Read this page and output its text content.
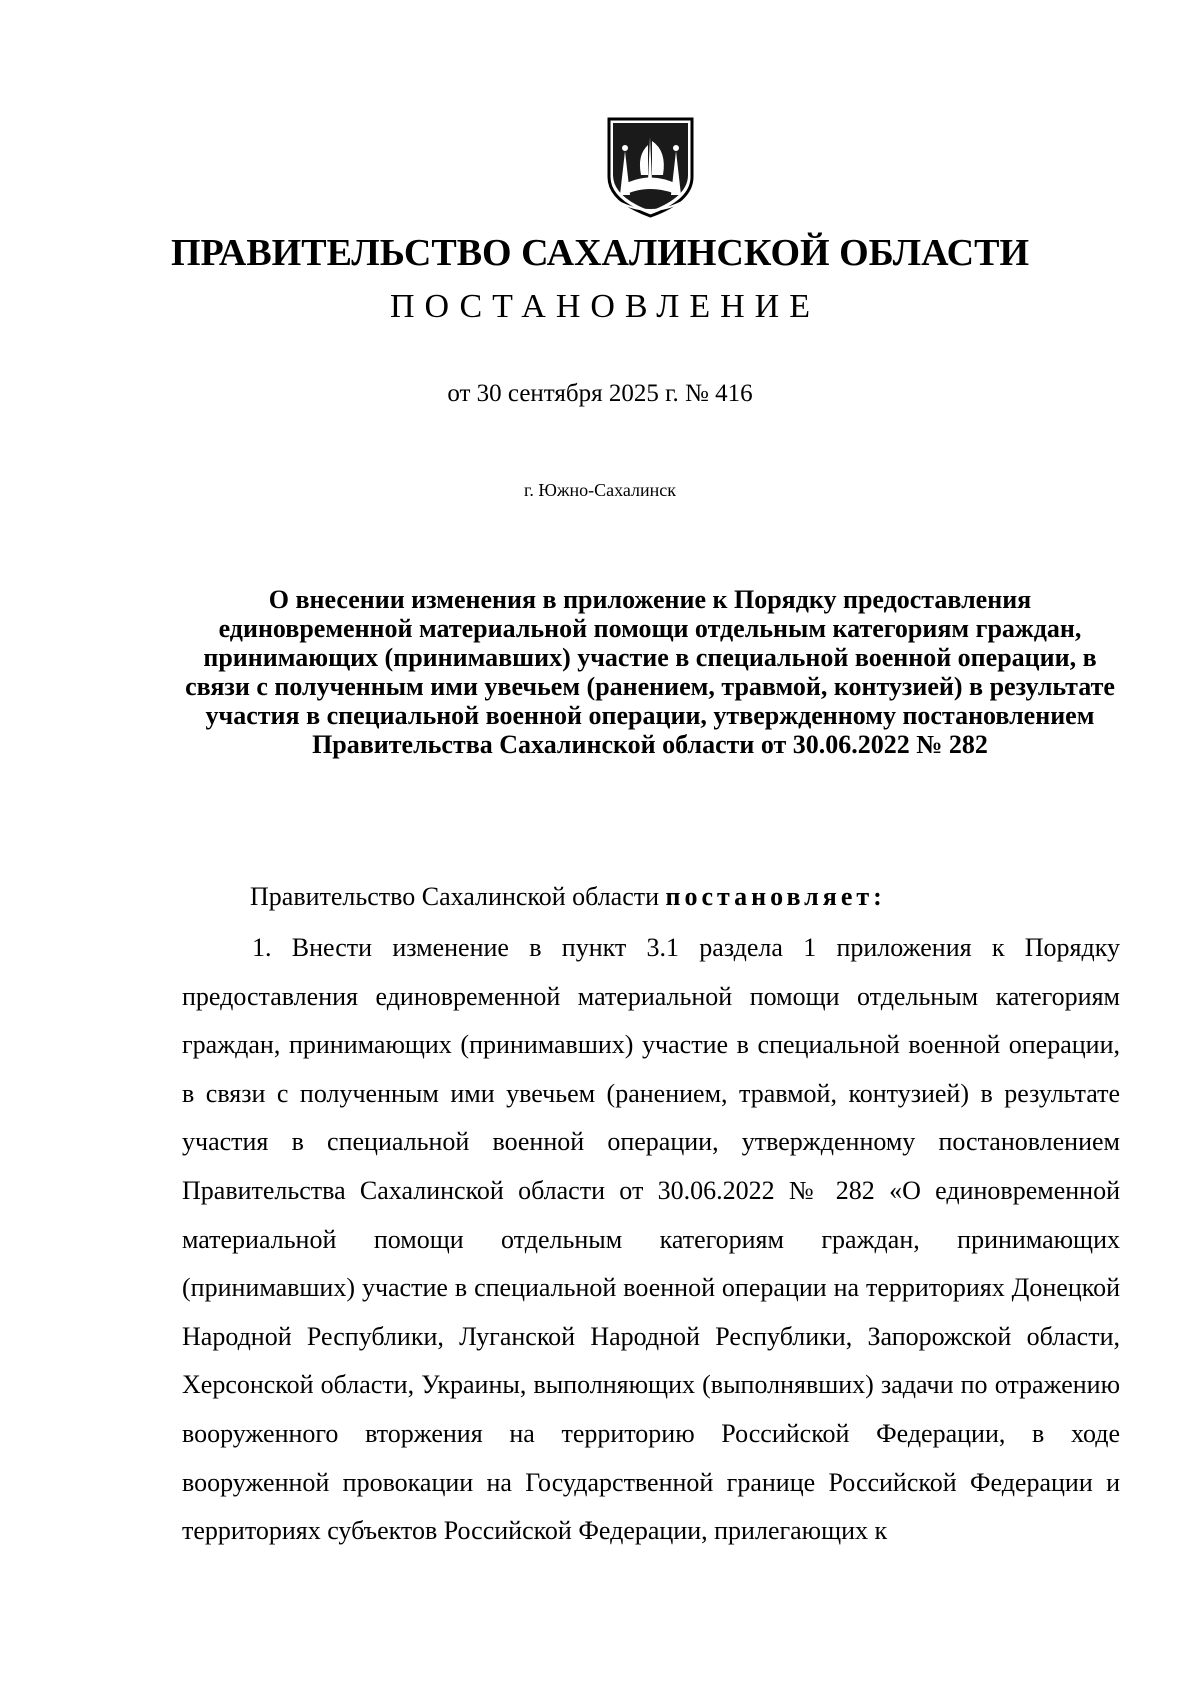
ПРАВИТЕЛЬСТВО САХАЛИНСКОЙ ОБЛАСТИ
ПОСТАНОВЛЕНИЕ
от 30 сентября 2025 г. № 416
г. Южно-Сахалинск

О внесении изменения в приложение к Порядку предоставления единовременной материальной помощи отдельным категориям граждан, принимающих (принимавших) участие в специальной военной операции, в связи с полученным ими увечьем (ранением, травмой, контузией) в результате участия в специальной военной операции, утвержденному постановлением Правительства Сахалинской области от 30.06.2022 № 282

Правительство Сахалинской области постановляет:

1. Внести изменение в пункт 3.1 раздела 1 приложения к Порядку предоставления единовременной материальной помощи отдельным категориям граждан, принимающих (принимавших) участие в специальной военной операции, в связи с полученным ими увечьем (ранением, травмой, контузией) в результате участия в специальной военной операции, утвержденному постановлением Правительства Сахалинской области от 30.06.2022 № 282 «О единовременной материальной помощи отдельным категориям граждан, принимающих (принимавших) участие в специальной военной операции на территориях Донецкой Народной Республики, Луганской Народной Республики, Запорожской области, Херсонской области, Украины, выполняющих (выполнявших) задачи по отражению вооруженного вторжения на территорию Российской Федерации, в ходе вооруженной провокации на Государственной границе Российской Федерации и территориях субъектов Российской Федерации, прилегающих к
